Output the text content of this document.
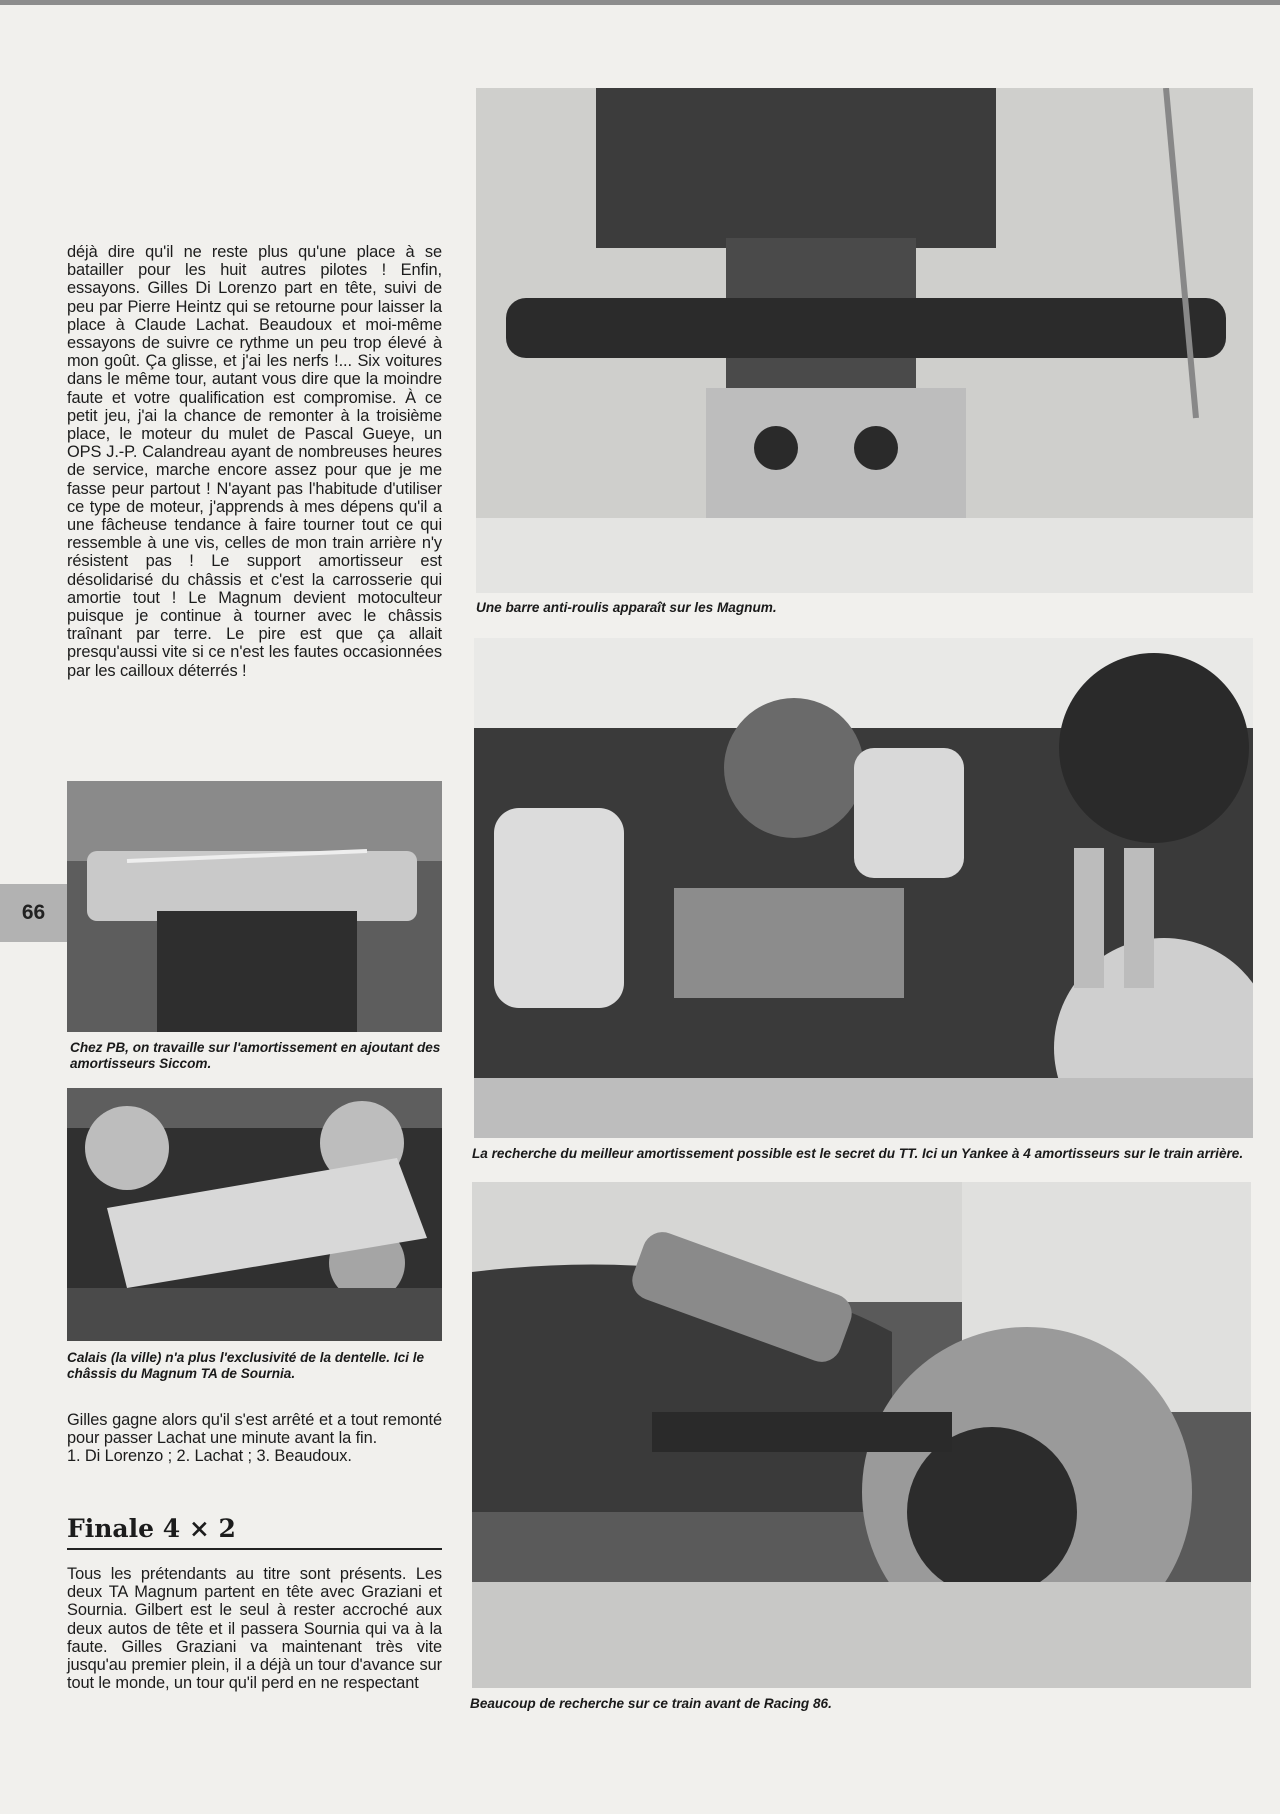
déjà dire qu'il ne reste plus qu'une place à se batailler pour les huit autres pilotes ! Enfin, essayons. Gilles Di Lorenzo part en tête, suivi de peu par Pierre Heintz qui se retourne pour laisser la place à Claude Lachat. Beaudoux et moi-même essayons de suivre ce rythme un peu trop élevé à mon goût. Ça glisse, et j'ai les nerfs !... Six voitures dans le même tour, autant vous dire que la moindre faute et votre qualification est compromise. À ce petit jeu, j'ai la chance de remonter à la troisième place, le moteur du mulet de Pascal Gueye, un OPS J.-P. Calandreau ayant de nombreuses heures de service, marche encore assez pour que je me fasse peur partout ! N'ayant pas l'habitude d'utiliser ce type de moteur, j'apprends à mes dépens qu'il a une fâcheuse tendance à faire tourner tout ce qui ressemble à une vis, celles de mon train arrière n'y résistent pas ! Le support amortisseur est désolidarisé du châssis et c'est la carrosserie qui amortie tout ! Le Magnum devient motoculteur puisque je continue à tourner avec le châssis traînant par terre. Le pire est que ça allait presqu'aussi vite si ce n'est les fautes occasionnées par les cailloux déterrés !

Une barre anti-roulis apparaît sur les Magnum.

Chez PB, on travaille sur l'amortissement en ajoutant des amortisseurs Siccom.

66

La recherche du meilleur amortissement possible est le secret du TT. Ici un Yankee à 4 amortisseurs sur le train arrière.

Calais (la ville) n'a plus l'exclusivité de la dentelle. Ici le châssis du Magnum TA de Sournia.

Gilles gagne alors qu'il s'est arrêté et a tout remonté pour passer Lachat une minute avant la fin.

1. Di Lorenzo ; 2. Lachat ; 3. Beaudoux.

Finale 4 × 2

Tous les prétendants au titre sont présents. Les deux TA Magnum partent en tête avec Graziani et Sournia. Gilbert est le seul à rester accroché aux deux autos de tête et il passera Sournia qui va à la faute. Gilles Graziani va maintenant très vite jusqu'au premier plein, il a déjà un tour d'avance sur tout le monde, un tour qu'il perd en ne respectant

Beaucoup de recherche sur ce train avant de Racing 86.
